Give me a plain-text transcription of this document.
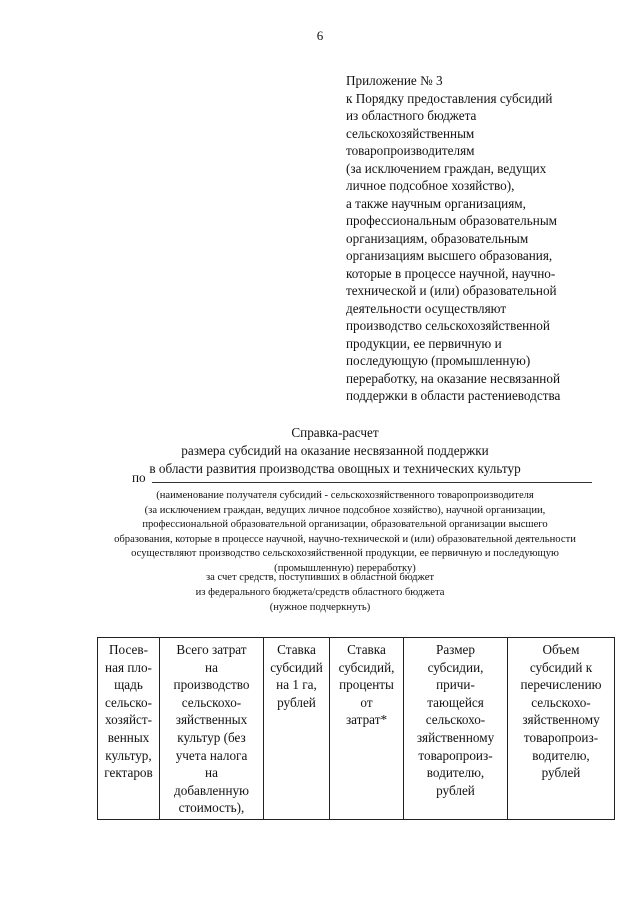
6
Приложение № 3
к Порядку предоставления субсидий
из областного бюджета
сельскохозяйственным
товаропроизводителям
(за исключением граждан, ведущих
личное подсобное хозяйство),
а также научным организациям,
профессиональным образовательным
организациям, образовательным
организациям высшего образования,
которые в процессе научной, научно-
технической и (или) образовательной
деятельности осуществляют
производство сельскохозяйственной
продукции, ее первичную и
последующую (промышленную)
переработку, на оказание несвязанной
поддержки в области растениеводства
Справка-расчет
размера субсидий на оказание несвязанной поддержки
в области развития производства овощных и технических культур
по
(наименование получателя субсидий - сельскохозяйственного товаропроизводителя
(за исключением граждан, ведущих личное подсобное хозяйство), научной организации,
профессиональной образовательной организации, образовательной организации высшего
образования, которые в процессе научной, научно-технической и (или) образовательной деятельности
осуществляют производство сельскохозяйственной продукции, ее первичную и последующую
(промышленную) переработку)
за счет средств, поступивших в областной бюджет
из федерального бюджета/средств областного бюджета
(нужное подчеркнуть)
Посев-
ная пло-
щадь
сельско-
хозяйст-
венных
культур,
гектаров	Всего затрат
на
производство
сельскохо-
зяйственных
культур (без
учета налога
на
добавленную
стоимость),	Ставка
субсидий
на 1 га,
рублей	Ставка
субсидий,
проценты
от
затрат*	Размер
субсидии,
причи-
тающейся
сельскохо-
зяйственному
товаропроиз-
водителю,
рублей	Объем
субсидий к
перечислению
сельскохо-
зяйственному
товаропроиз-
водителю,
рублей
